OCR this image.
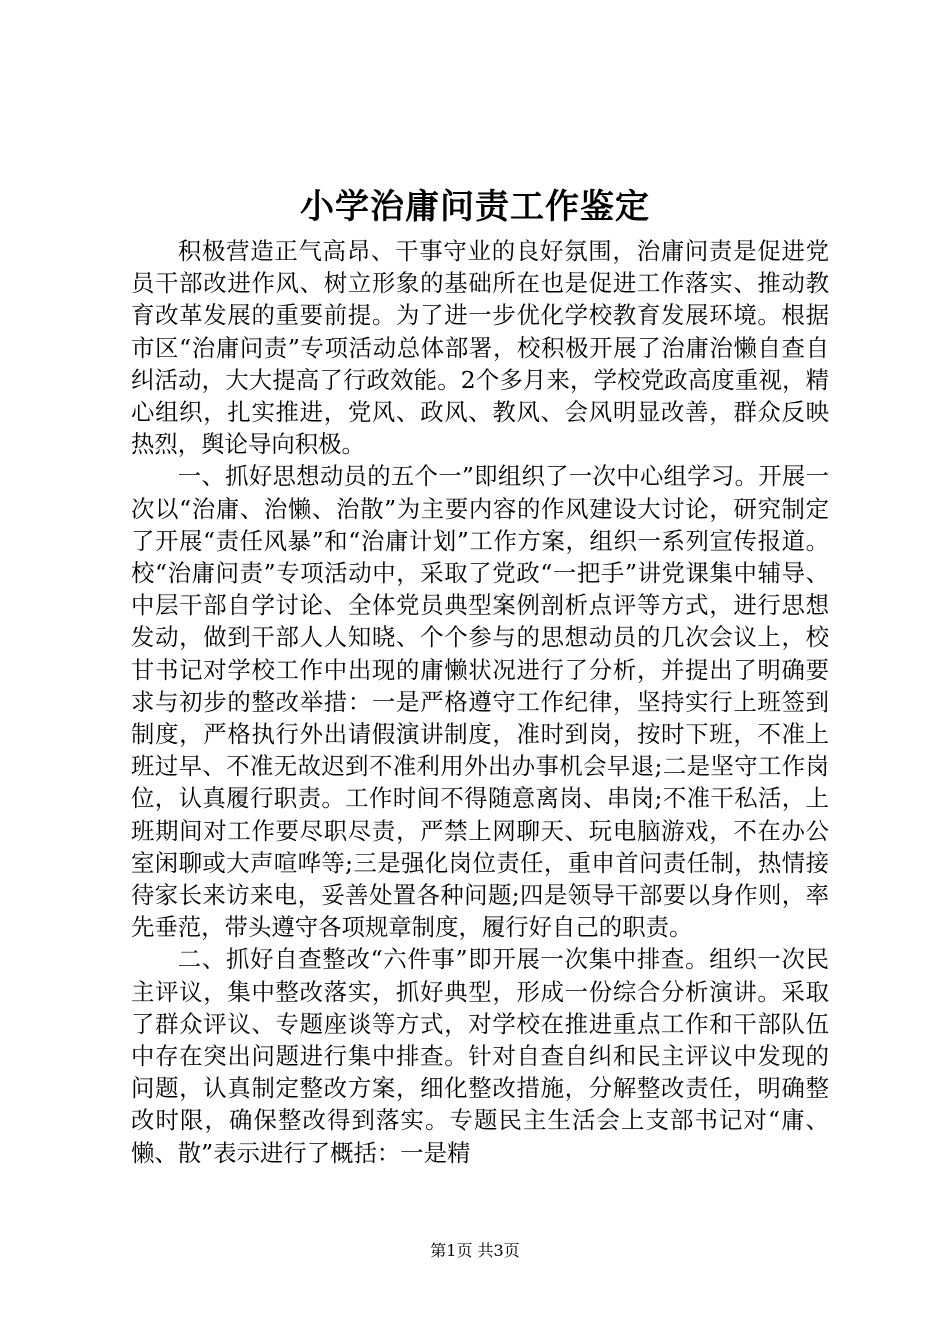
小学治庸问责工作鉴定

积极营造正气高昂、干事守业的良好氛围，治庸问责是促进党员干部改进作风、树立形象的基础所在也是促进工作落实、推动教育改革发展的重要前提。为了进一步优化学校教育发展环境。根据市区“治庸问责”专项活动总体部署，校积极开展了治庸治懒自查自纠活动，大大提高了行政效能。2个多月来，学校党政高度重视，精心组织，扎实推进，党风、政风、教风、会风明显改善，群众反映热烈，舆论导向积极。

一、抓好思想动员的五个一”即组织了一次中心组学习。开展一次以“治庸、治懒、治散”为主要内容的作风建设大讨论，研究制定了开展“责任风暴”和“治庸计划”工作方案，组织一系列宣传报道。校“治庸问责”专项活动中，采取了党政“一把手”讲党课集中辅导、中层干部自学讨论、全体党员典型案例剖析点评等方式，进行思想发动，做到干部人人知晓、个个参与的思想动员的几次会议上，校甘书记对学校工作中出现的庸懒状况进行了分析，并提出了明确要求与初步的整改举措：一是严格遵守工作纪律，坚持实行上班签到制度，严格执行外出请假演讲制度，准时到岗，按时下班，不准上班过早、不准无故迟到不准利用外出办事机会早退;二是坚守工作岗位，认真履行职责。工作时间不得随意离岗、串岗;不准干私活，上班期间对工作要尽职尽责，严禁上网聊天、玩电脑游戏，不在办公室闲聊或大声喧哗等;三是强化岗位责任，重申首问责任制，热情接待家长来访来电，妥善处置各种问题;四是领导干部要以身作则，率先垂范，带头遵守各项规章制度，履行好自己的职责。

二、抓好自查整改“六件事”即开展一次集中排查。组织一次民主评议，集中整改落实，抓好典型，形成一份综合分析演讲。采取了群众评议、专题座谈等方式，对学校在推进重点工作和干部队伍中存在突出问题进行集中排查。针对自查自纠和民主评议中发现的问题，认真制定整改方案，细化整改措施，分解整改责任，明确整改时限，确保整改得到落实。专题民主生活会上支部书记对“庸、懒、散”表示进行了概括：一是精

第1页 共3页
